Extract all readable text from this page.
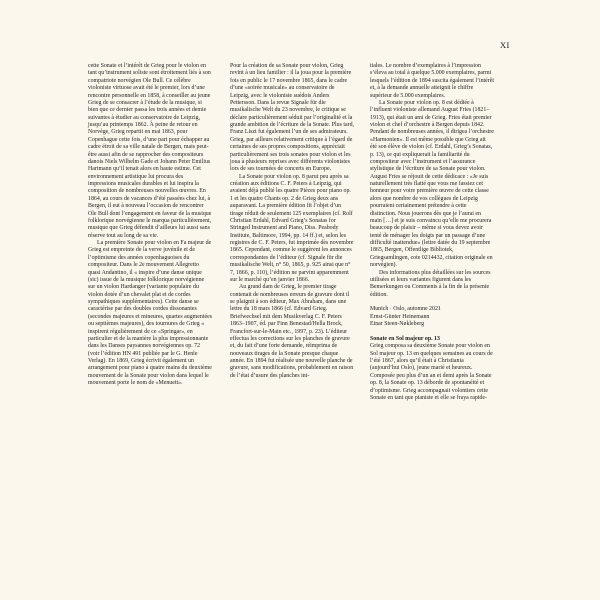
XI

cette Sonate et l’intérêt de Grieg pour le violon en tant qu’instrument soliste sont étroitement liés à son compatriote norvégien Ole Bull. Ce célèbre violoniste virtuose avait été le premier, lors d’une rencontre personnelle en 1858, à conseiller au jeune Grieg de se consacrer à l’étude de la musique, si bien que ce dernier passa les trois années et demie suivantes à étudier au conservatoire de Leipzig, jusqu’au printemps 1862. À peine de retour en Norvège, Grieg repartit en mai 1863, pour Copenhague cette fois, d’une part pour échapper au cadre étroit de sa ville natale de Bergen, mais peut-être aussi afin de se rapprocher des compositeurs danois Niels Wilhelm Gade et Johann Peter Emilius Hartmann qu’il tenait alors en haute estime. Cet environnement artistique lui procura des impressions musicales durables et lui inspira la composition de nombreuses nouvelles œuvres. En 1864, au cours de vacances d’été passées chez lui, à Bergen, il eut à nouveau l’occasion de rencontrer Ole Bull dont l’engagement en faveur de la musique folklorique norvégienne le marqua particulièrement, musique que Grieg défendit d’ailleurs lui aussi sans réserve tout au long de sa vie.

La première Sonate pour violon en Fa majeur de Grieg est empreinte de la verve juvénile et de l’optimisme des années copenhaguoises du compositeur. Dans le 2e mouvement Allegretto quasi Andantino, il « inspire d’une danse unique (sic) issue de la musique folklorique norvégienne sur un violon Hardanger (variante populaire du violon dotée d’un chevalet plat et de cordes sympathiques supplémentaires). Cette danse se caractérise par des doubles cordes dissonantes (secondes majeures et mineures, quartes augmentées ou septièmes majeures), des tournures de Grieg « inspirent régulièrement de ce «Springar», en particulier et de la manière la plus impressionnante dans les Danses paysannes norvégiennes op. 72 (voir l’édition HN 491 publiée par le G. Henle Verlag). En 1869, Grieg écrivit également un arrangement pour piano à quatre mains du deuxième mouvement de la Sonate pour violon dans lequel le mouvement porte le nom de «Menuett».

Pour la création de sa Sonate pour violon, Grieg revint à un lieu familier : il la joua pour la première fois en public le 17 novembre 1865, dans le cadre d’une «soirée musicale» au conservatoire de Leipzig, avec le violoniste suédois Anders Pettersson. Dans la revue Signale für die musikalische Welt du 23 novembre, le critique se déclare particulièrement séduit par l’originalité et la grande ambition de l’écriture de la Sonate. Plus tard, Franz Liszt fut également l’un de ses admirateurs. Grieg, par ailleurs relativement critique à l’égard de certaines de ses propres compositions, appréciait particulièrement ses trois sonates pour violon et les joua à plusieurs reprises avec différents violonistes lors de ses tournées de concerts en Europe.

La Sonate pour violon op. 8 parut peu après sa création aux éditions C. F. Peters à Leipzig, qui avaient déjà publié les quatre Pièces pour piano op. 1 et les quatre Chants op. 2 de Grieg deux ans auparavant. La première édition fit l’objet d’un tirage réduit de seulement 125 exemplaires (cf. Rolf Christian Erdahl, Edvard Grieg’s Sonatas for Stringed Instrument and Piano, Diss. Peabody Institute, Baltimore, 1994, pp. 14 ff.) et, selon les registres de C. F. Peters, fut imprimée dès novembre 1865. Cependant, comme le suggèrent les annonces correspondantes de l’éditeur (cf. Signale für die musikalische Welt, n° 50, 1865, p. 925 ainsi que n° 7, 1866, p. 110), l’édition ne parvint apparemment sur le marché qu’en janvier 1866.

Au grand dam de Grieg, le premier tirage contenait de nombreuses erreurs de gravure dont il se plaignit à son éditeur, Max Abraham, dans une lettre du 18 mars 1866 (cf. Edvard Grieg. Briefwechsel mit dem Musikverlag C. F. Peters 1863–1907, éd. par Finn Benestad/Hella Brock, Francfort-sur-le-Main etc., 1997, p. 23). L’éditeur effectua les corrections sur les planches de gravure et, du fait d’une forte demande, réimprima de nouveaux tirages de la Sonate presque chaque année. En 1894 fut réalisée une nouvelle planche de gravure, sans modifications, probablement en raison de l’état d’usure des planches ini-

tiales. Le nombre d’exemplaires à l’impression s’éleva au total à quelque 5.000 exemplaires, parmi lesquels l’édition de 1894 suscita également l’intérêt et, à la demande annuelle atteignit le chiffre supérieur de 5.000 exemplaires.

La Sonate pour violon op. 8 est dédiée à l’influent violoniste allemand August Fries (1821–1913), qui était un ami de Grieg. Fries était premier violon et chef d’orchestre à Bergen depuis 1842. Pendant de nombreuses années, il dirigea l’orchestre «Harmonien». Il est même possible que Grieg ait été son élève de violon (cf. Erdahl, Grieg’s Sonatas, p. 13), ce qui expliquerait la familiarité du compositeur avec l’instrument et l’assurance stylistique de l’écriture de sa Sonate pour violon. August Fries se réjouit de cette dédicace : «Je suis naturellement très flatté que vous me fassiez cet honneur pour votre première œuvre de cette classe alors que nombre de vos collègues de Leipzig pourraient certainement prétendre à cette distinction. Nous jouerons dès que je l’aurai en main […] et je suis convaincu qu’elle me procurera beaucoup de plaisir – même si vous devez avoir tenté de ménager les doigts par un passage d’une difficulté inattendue» (lettre datée du 19 septembre 1865, Bergen, Offentlige Bibliotek, Griegsamlingen, cote 0214432, citation originale en norvégien).

Des informations plus détaillées sur les sources utilisées et leurs variantes figurent dans les Bemerkungen ou Comments à la fin de la présente édition.

Munich · Oslo, automne 2021

Ernst-Günter Heinemann

Einar Steen-Nøkleberg

Sonate en Sol majeur op. 13

Grieg composa sa deuxième Sonate pour violon en Sol majeur op. 13 en quelques semaines au cours de l’été 1867, alors qu’il était à Christiania (aujourd’hui Oslo), jeune marié et heureux. Composée peu plus d’un an et demi après la Sonate op. 8, la Sonate op. 13 déborde de spontanéité et d’optimisme. Grieg accompagnait volontiers cette Sonate en tant que pianiste et elle se fraya rapide-
